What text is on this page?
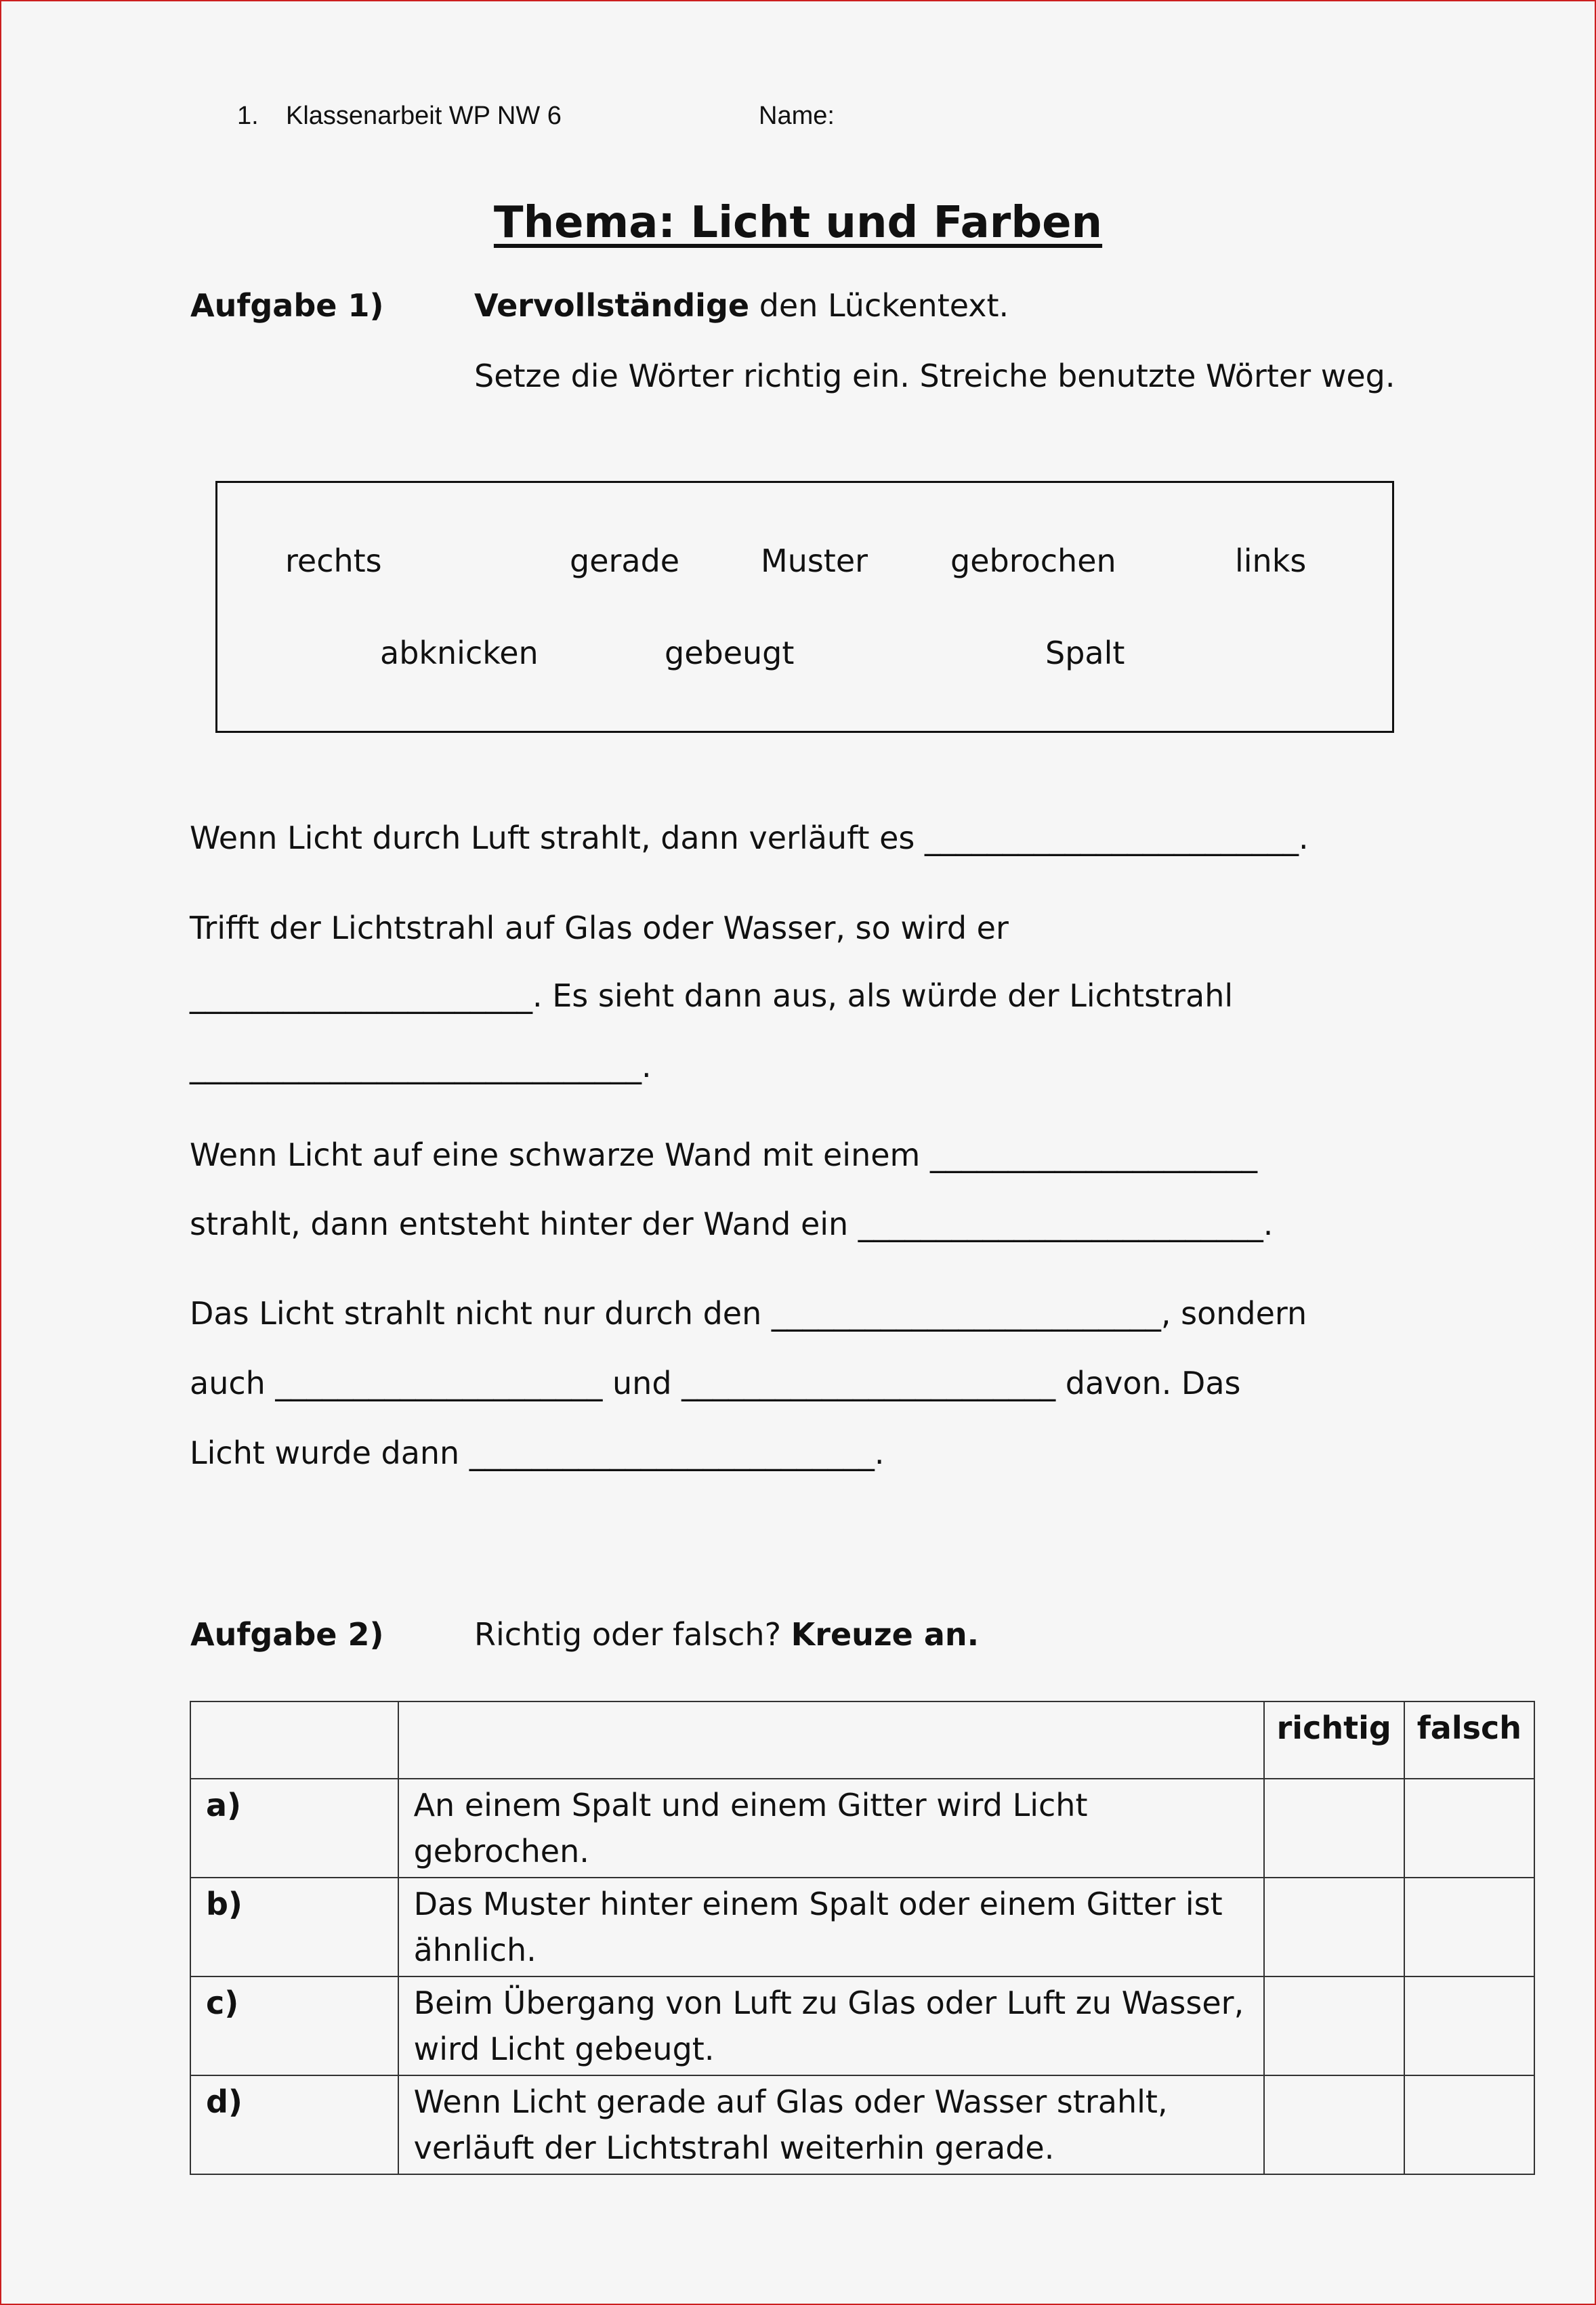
1. Klassenarbeit WP NW 6	Name:
Thema: Licht und Farben
Aufgabe 1)	Vervollständige den Lückentext.
Setze die Wörter richtig ein. Streiche benutzte Wörter weg.
rechts	gerade	Muster	gebrochen	links
abknicken	gebeugt	Spalt
Wenn Licht durch Luft strahlt, dann verläuft es ________________________.
Trifft der Lichtstrahl auf Glas oder Wasser, so wird er
______________________. Es sieht dann aus, als würde der Lichtstrahl
_____________________________.
Wenn Licht auf eine schwarze Wand mit einem _____________________
strahlt, dann entsteht hinter der Wand ein __________________________.
Das Licht strahlt nicht nur durch den _________________________, sondern
auch _____________________ und ________________________ davon. Das
Licht wurde dann __________________________.
Aufgabe 2)	Richtig oder falsch? Kreuze an.
		richtig	falsch
a)	An einem Spalt und einem Gitter wird Licht gebrochen.		
b)	Das Muster hinter einem Spalt oder einem Gitter ist ähnlich.		
c)	Beim Übergang von Luft zu Glas oder Luft zu Wasser, wird Licht gebeugt.		
d)	Wenn Licht gerade auf Glas oder Wasser strahlt, verläuft der Lichtstrahl weiterhin gerade.		
